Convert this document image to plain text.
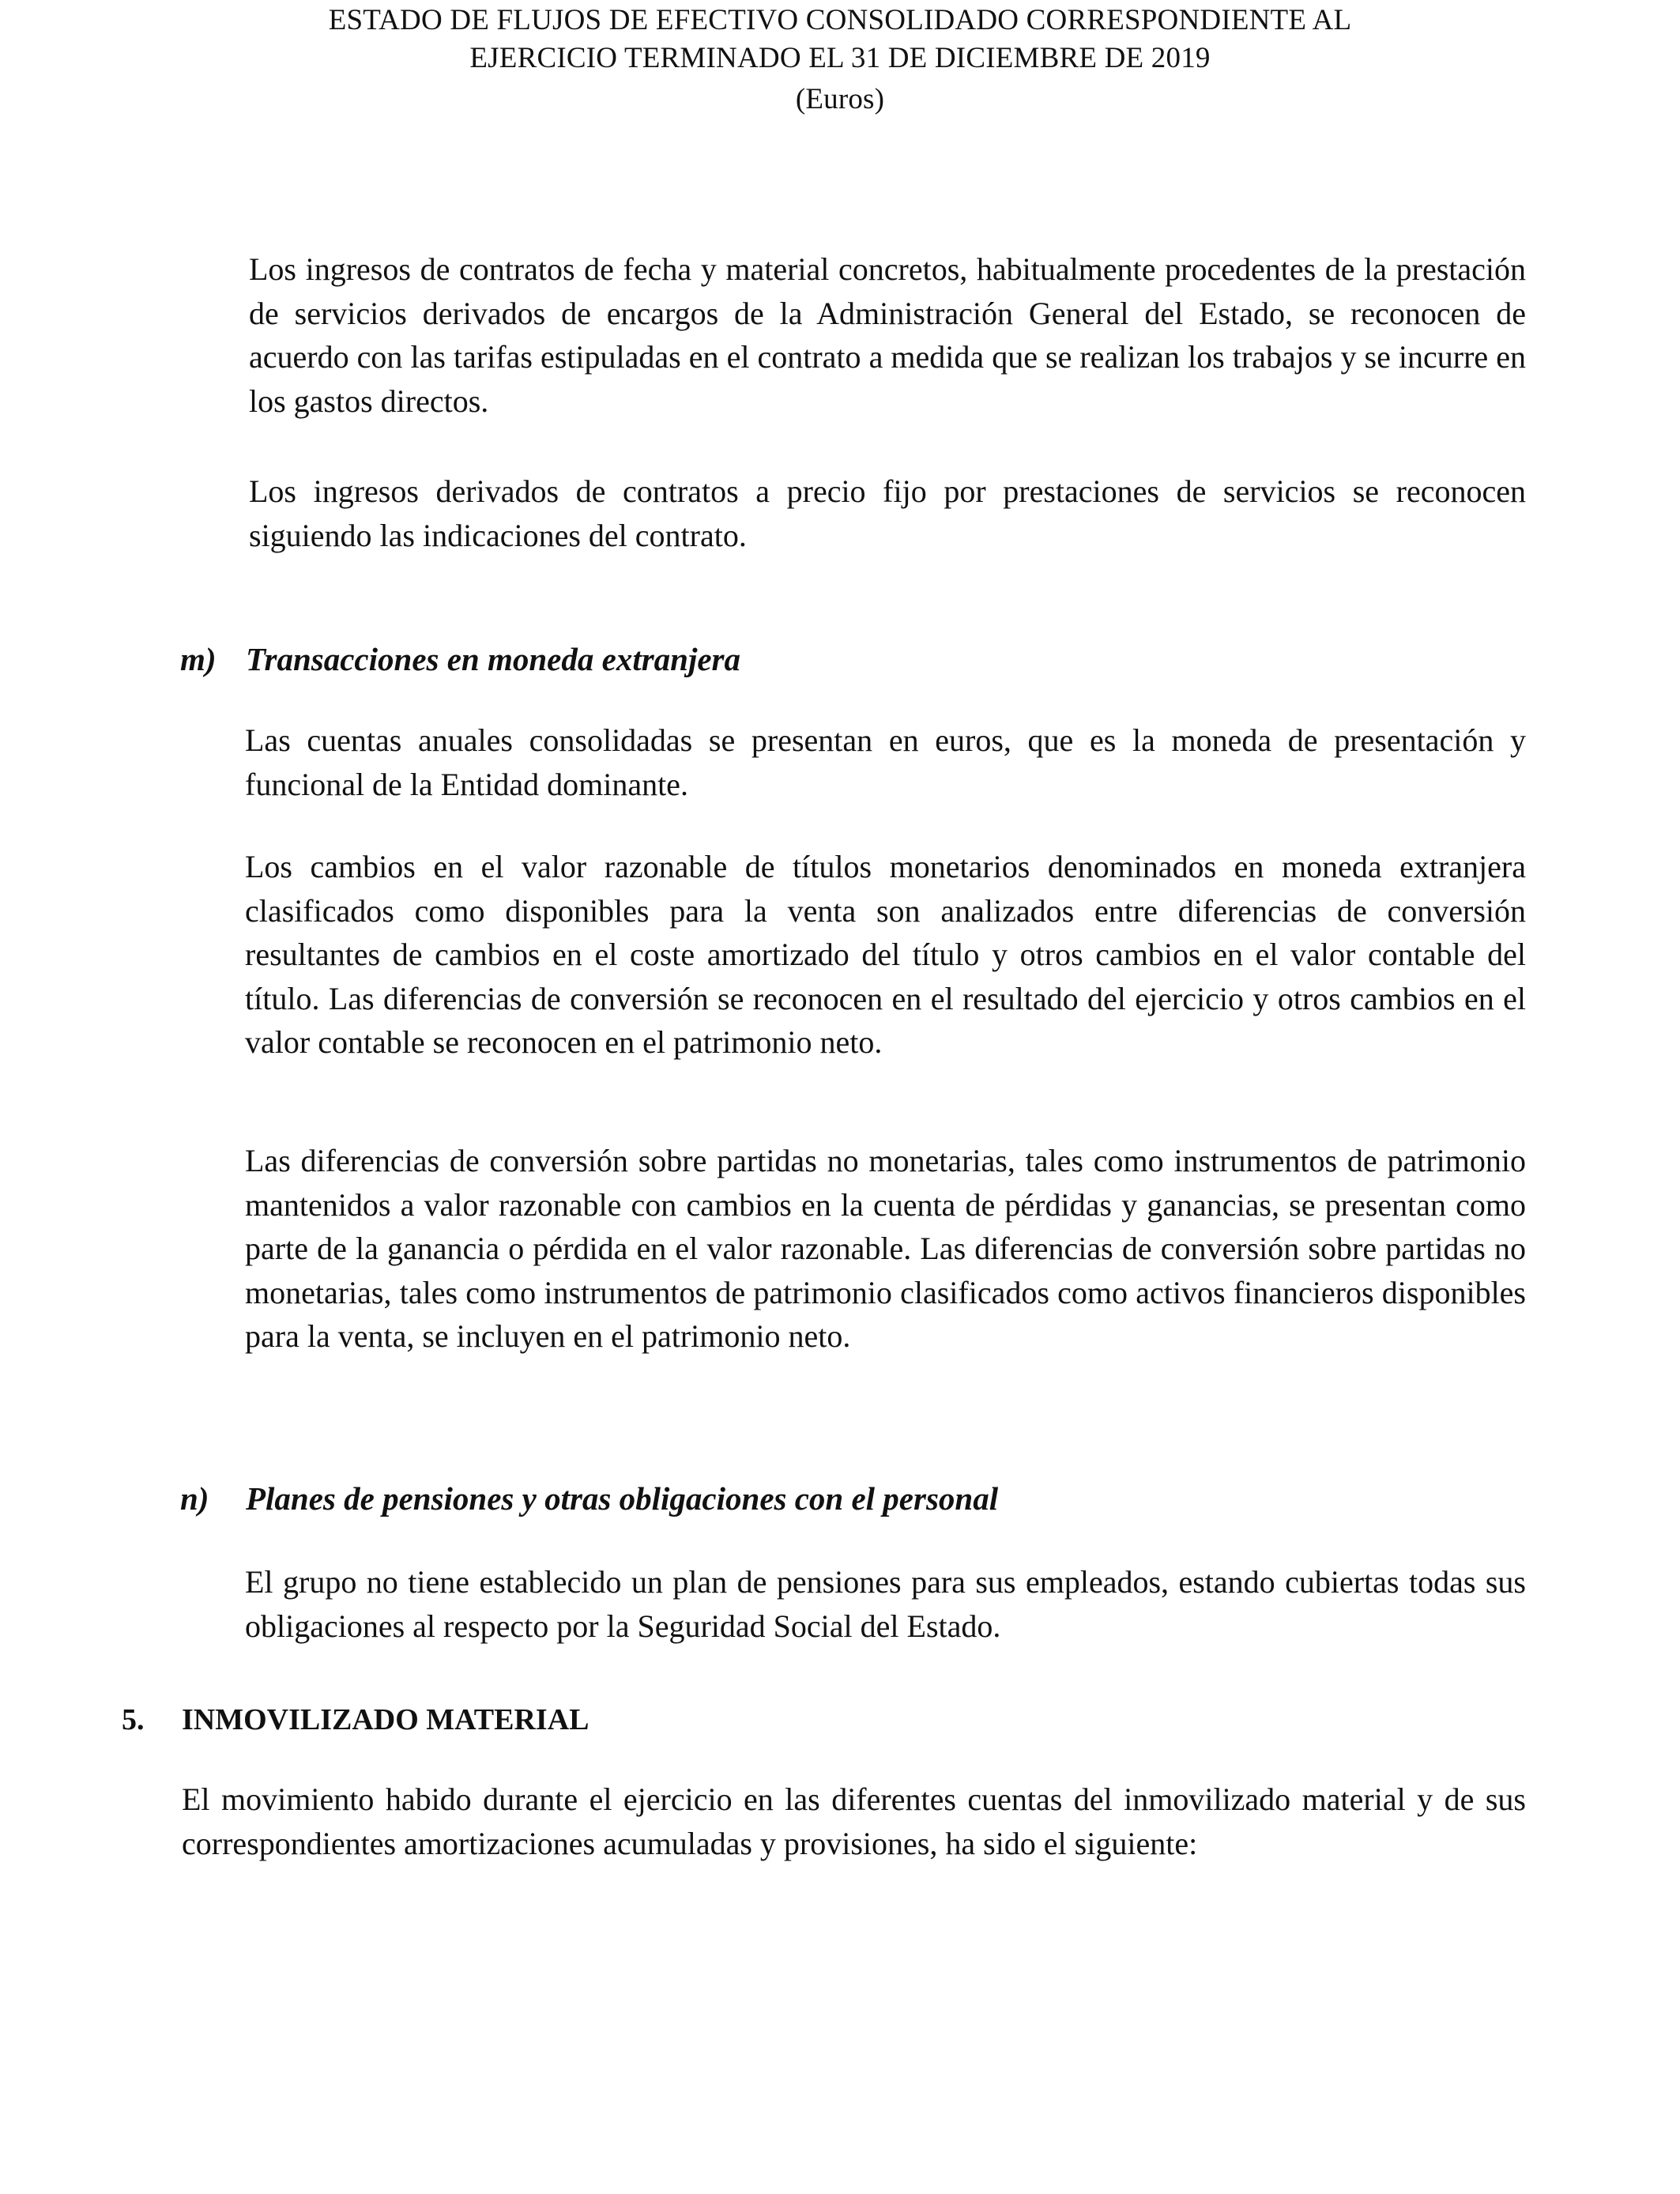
ESTADO DE FLUJOS DE EFECTIVO CONSOLIDADO CORRESPONDIENTE AL
EJERCICIO TERMINADO EL 31 DE DICIEMBRE DE 2019
(Euros)

Los ingresos de contratos de fecha y material concretos, habitualmente procedentes de la prestación de servicios derivados de encargos de la Administración General del Estado, se reconocen de acuerdo con las tarifas estipuladas en el contrato a medida que se realizan los trabajos y se incurre en los gastos directos.

Los ingresos derivados de contratos a precio fijo por prestaciones de servicios se reconocen siguiendo las indicaciones del contrato.

m) Transacciones en moneda extranjera

Las cuentas anuales consolidadas se presentan en euros, que es la moneda de presentación y funcional de la Entidad dominante.

Los cambios en el valor razonable de títulos monetarios denominados en moneda extranjera clasificados como disponibles para la venta son analizados entre diferencias de conversión resultantes de cambios en el coste amortizado del título y otros cambios en el valor contable del título. Las diferencias de conversión se reconocen en el resultado del ejercicio y otros cambios en el valor contable se reconocen en el patrimonio neto.

Las diferencias de conversión sobre partidas no monetarias, tales como instrumentos de patrimonio mantenidos a valor razonable con cambios en la cuenta de pérdidas y ganancias, se presentan como parte de la ganancia o pérdida en el valor razonable. Las diferencias de conversión sobre partidas no monetarias, tales como instrumentos de patrimonio clasificados como activos financieros disponibles para la venta, se incluyen en el patrimonio neto.

n) Planes de pensiones y otras obligaciones con el personal

El grupo no tiene establecido un plan de pensiones para sus empleados, estando cubiertas todas sus obligaciones al respecto por la Seguridad Social del Estado.

5. INMOVILIZADO MATERIAL

El movimiento habido durante el ejercicio en las diferentes cuentas del inmovilizado material y de sus correspondientes amortizaciones acumuladas y provisiones, ha sido el siguiente:
